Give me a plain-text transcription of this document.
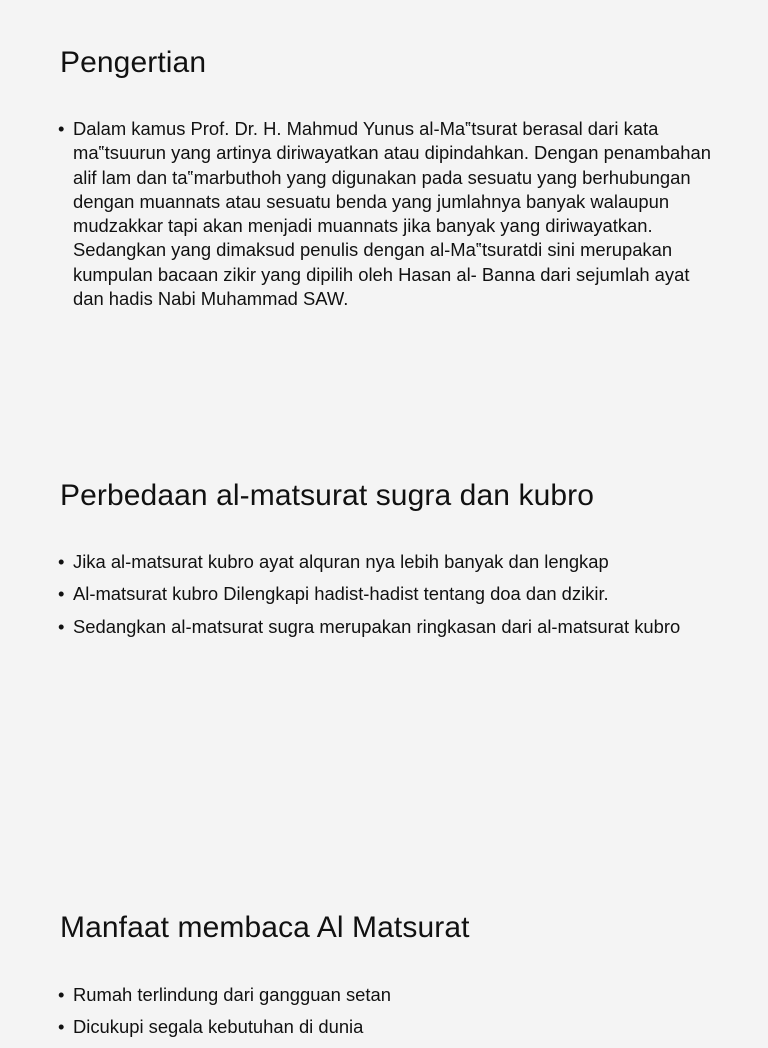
Pengertian
• Dalam kamus Prof. Dr. H. Mahmud Yunus al-Ma‟tsurat berasal dari kata ma‟tsuurun yang artinya diriwayatkan atau dipindahkan. Dengan penambahan alif lam dan ta‟marbuthoh yang digunakan pada sesuatu yang berhubungan dengan muannats atau sesuatu benda yang jumlahnya banyak walaupun mudzakkar tapi akan menjadi muannats jika banyak yang diriwayatkan. Sedangkan yang dimaksud penulis dengan al-Ma‟tsuratdi sini merupakan kumpulan bacaan zikir yang dipilih oleh Hasan al- Banna dari sejumlah ayat dan hadis Nabi Muhammad SAW.
Perbedaan al-matsurat sugra dan kubro
• Jika al-matsurat kubro ayat alquran nya lebih banyak dan lengkap
• Al-matsurat kubro Dilengkapi hadist-hadist tentang doa dan dzikir.
• Sedangkan al-matsurat sugra merupakan ringkasan dari al-matsurat kubro
Manfaat membaca Al Matsurat
• Rumah terlindung dari gangguan setan
• Dicukupi segala kebutuhan di dunia
